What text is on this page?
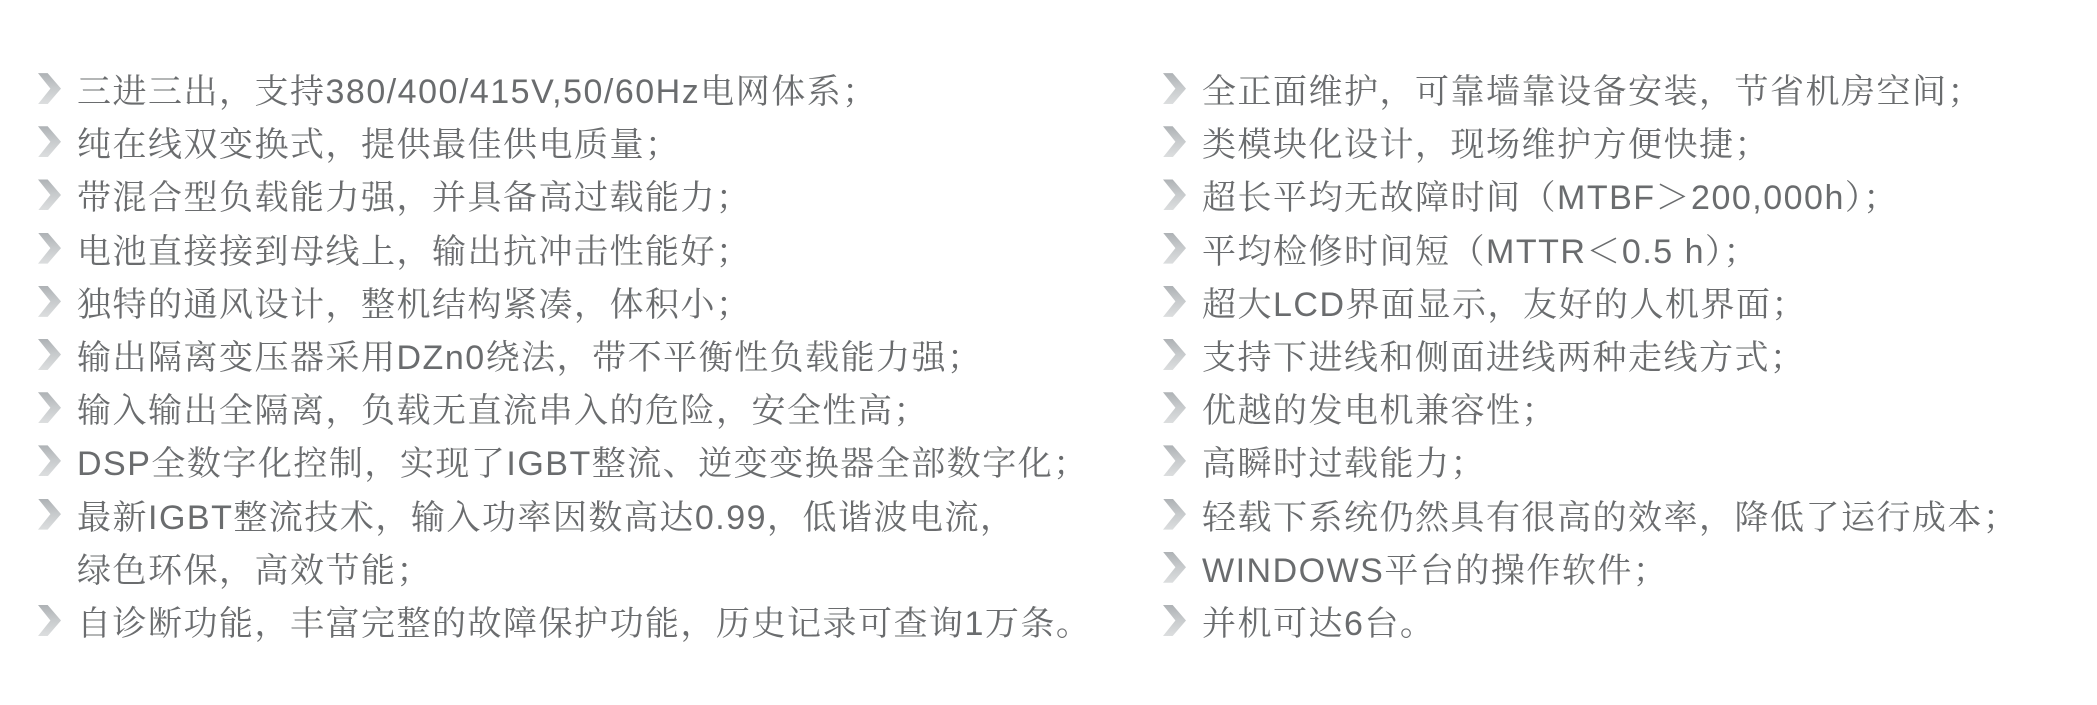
三进三出，支持380/400/415V,50/60Hz电网体系；
纯在线双变换式，提供最佳供电质量；
带混合型负载能力强，并具备高过载能力；
电池直接接到母线上，输出抗冲击性能好；
独特的通风设计，整机结构紧凑，体积小；
输出隔离变压器采用DZn0绕法，带不平衡性负载能力强；
输入输出全隔离，负载无直流串入的危险，安全性高；
DSP全数字化控制，实现了IGBT整流、逆变变换器全部数字化；
最新IGBT整流技术，输入功率因数高达0.99，低谐波电流，
绿色环保，高效节能；
自诊断功能，丰富完整的故障保护功能，历史记录可查询1万条。
全正面维护，可靠墙靠设备安装，节省机房空间；
类模块化设计，现场维护方便快捷；
超长平均无故障时间（MTBF＞200,000h）；
平均检修时间短（MTTR＜0.5 h）；
超大LCD界面显示，友好的人机界面；
支持下进线和侧面进线两种走线方式；
优越的发电机兼容性；
高瞬时过载能力；
轻载下系统仍然具有很高的效率，降低了运行成本；
WINDOWS平台的操作软件；
并机可达6台。
